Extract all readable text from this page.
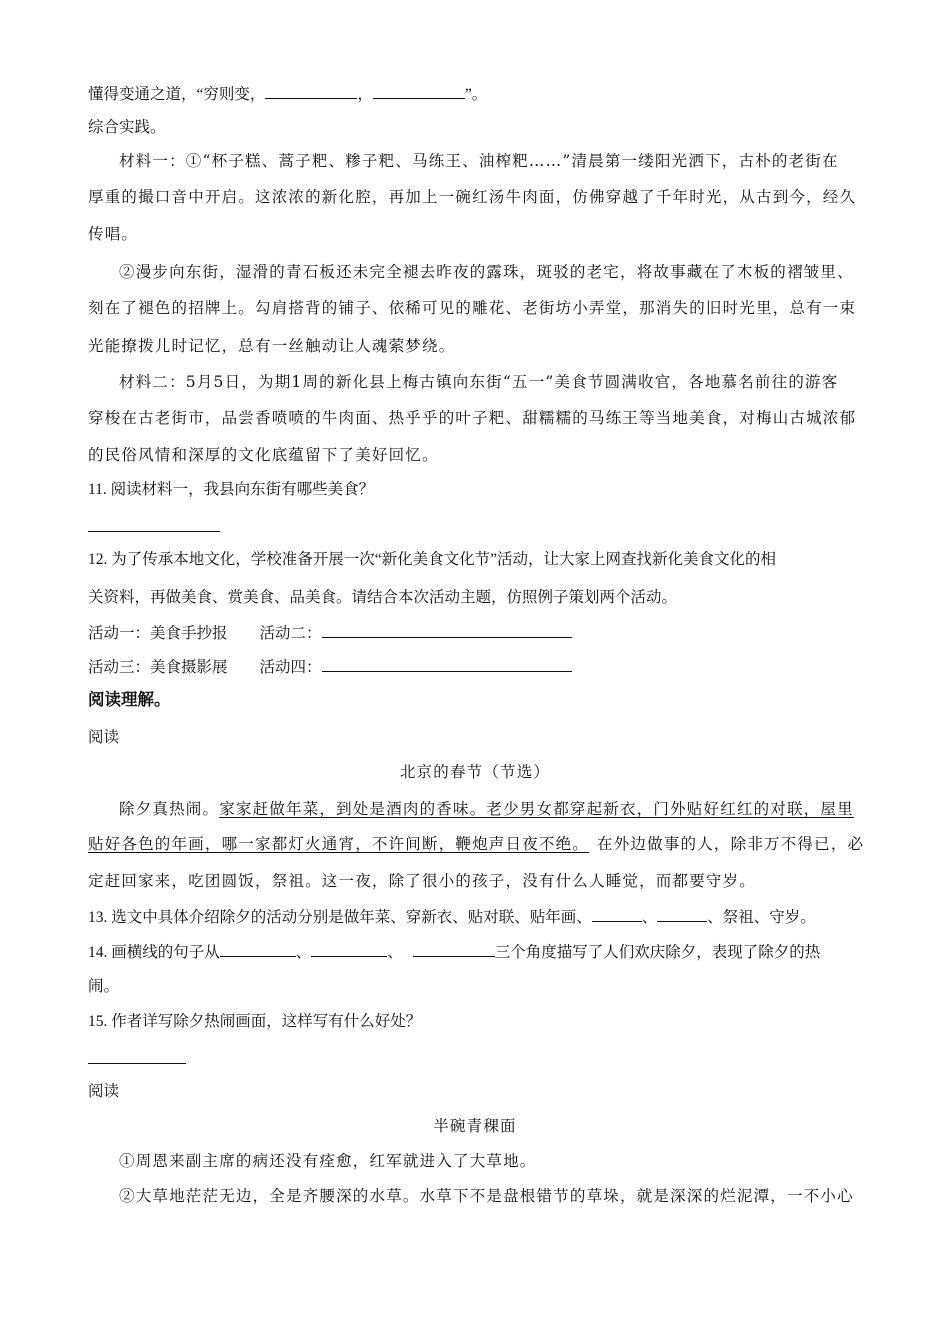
懂得变通之道，“穷则变，	，	”。
综合实践。
材料一：①“杯子糕、蒿子粑、糁子粑、马练王、油榨粑……”清晨第一缕阳光洒下，古朴的老街在
厚重的撮口音中开启。这浓浓的新化腔，再加上一碗红汤牛肉面，仿佛穿越了千年时光，从古到今，经久
传唱。
②漫步向东街，湿滑的青石板还未完全褪去昨夜的露珠，斑驳的老宅，将故事藏在了木板的褶皱里、
刻在了褪色的招牌上。勾肩搭背的铺子、依稀可见的雕花、老街坊小弄堂，那消失的旧时光里，总有一束
光能撩拨儿时记忆，总有一丝触动让人魂萦梦绕。
材料二：5月5日，为期1周的新化县上梅古镇向东街“五一”美食节圆满收官，各地慕名前往的游客
穿梭在古老街市，品尝香喷喷的牛肉面、热乎乎的叶子粑、甜糯糯的马练王等当地美食，对梅山古城浓郁
的民俗风情和深厚的文化底蕴留下了美好回忆。
11. 阅读材料一，我县向东街有哪些美食？
12. 为了传承本地文化，学校准备开展一次“新化美食文化节”活动，让大家上网查找新化美食文化的相
关资料，再做美食、赏美食、品美食。请结合本次活动主题，仿照例子策划两个活动。
活动一：美食手抄报 活动二：
活动三：美食摄影展 活动四：
阅读理解。
阅读
北京的春节（节选）
除夕真热闹。家家赶做年菜，到处是酒肉的香味。老少男女都穿起新衣，门外贴好红红的对联，屋里
贴好各色的年画，哪一家都灯火通宵，不许间断，鞭炮声日夜不绝。 在外边做事的人，除非万不得已，必
定赶回家来，吃团圆饭，祭祖。这一夜，除了很小的孩子，没有什么人睡觉，而都要守岁。
13. 选文中具体介绍除夕的活动分别是做年菜、穿新衣、贴对联、贴年画、	、	、祭祖、守岁。
14. 画横线的句子从	、	、	三个角度描写了人们欢庆除夕，表现了除夕的热
闹。
15. 作者详写除夕热闹画面，这样写有什么好处？
阅读
半碗青稞面
①周恩来副主席的病还没有痊愈，红军就进入了大草地。
②大草地茫茫无边，全是齐腰深的水草。水草下不是盘根错节的草垛，就是深深的烂泥潭，一不小心
